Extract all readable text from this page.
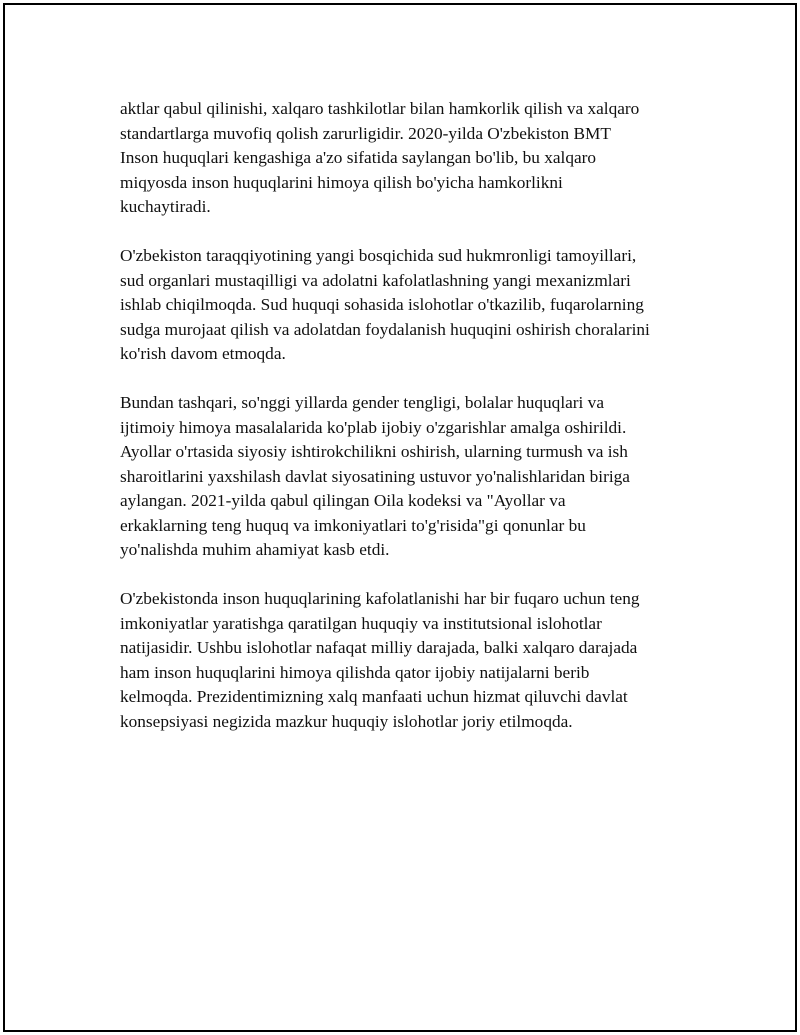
aktlar qabul qilinishi, xalqaro tashkilotlar bilan hamkorlik qilish va xalqaro
standartlarga muvofiq qolish zarurligidir. 2020-yilda O'zbekiston BMT
Inson huquqlari kengashiga a'zo sifatida saylangan bo'lib, bu xalqaro
miqyosda inson huquqlarini himoya qilish bo'yicha hamkorlikni
kuchaytiradi.

O'zbekiston taraqqiyotining yangi bosqichida sud hukmronligi tamoyillari,
sud organlari mustaqilligi va adolatni kafolatlashning yangi mexanizmlari
ishlab chiqilmoqda. Sud huquqi sohasida islohotlar o'tkazilib, fuqarolarning
sudga murojaat qilish va adolatdan foydalanish huquqini oshirish choralarini
ko'rish davom etmoqda.

Bundan tashqari, so'nggi yillarda gender tengligi, bolalar huquqlari va
ijtimoiy himoya masalalarida ko'plab ijobiy o'zgarishlar amalga oshirildi.
Ayollar o'rtasida siyosiy ishtirokchilikni oshirish, ularning turmush va ish
sharoitlarini yaxshilash davlat siyosatining ustuvor yo'nalishlaridan biriga
aylangan. 2021-yilda qabul qilingan Oila kodeksi va "Ayollar va
erkaklarning teng huquq va imkoniyatlari to'g'risida"gi qonunlar bu
yo'nalishda muhim ahamiyat kasb etdi.

O'zbekistonda inson huquqlarining kafolatlanishi har bir fuqaro uchun teng
imkoniyatlar yaratishga qaratilgan huquqiy va institutsional islohotlar
natijasidir. Ushbu islohotlar nafaqat milliy darajada, balki xalqaro darajada
ham inson huquqlarini himoya qilishda qator ijobiy natijalarni berib
kelmoqda. Prezidentimizning xalq manfaati uchun hizmat qiluvchi davlat
konsepsiyasi negizida mazkur huquqiy islohotlar joriy etilmoqda.
